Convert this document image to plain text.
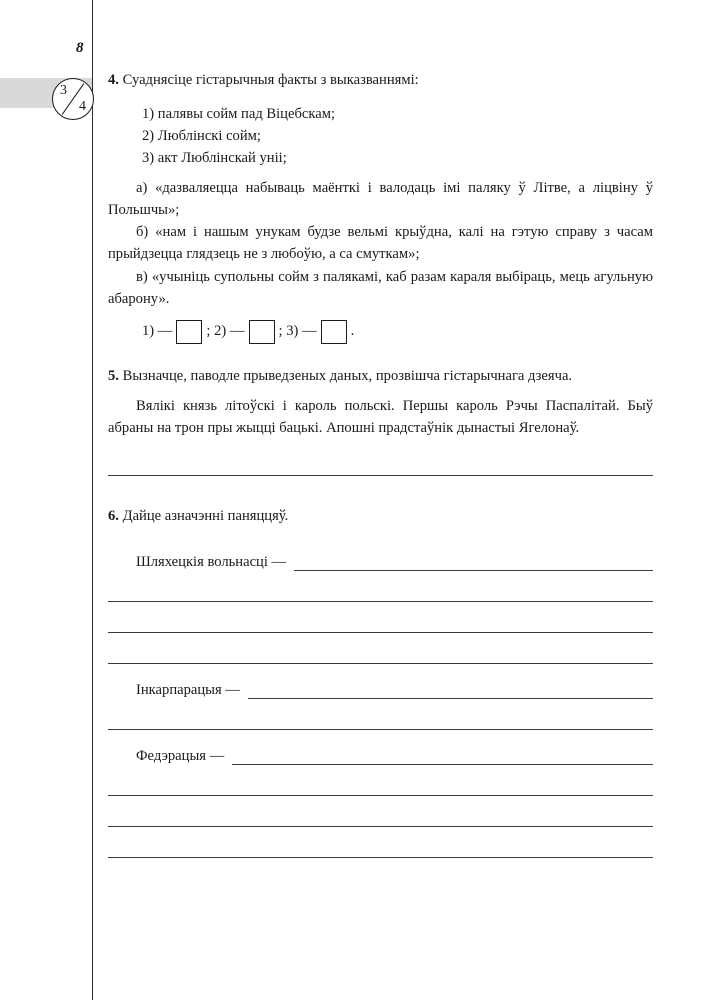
8
3
4

4. Суаднясіце гістарычныя факты з выказваннямі:

1) палявы сойм пад Віцебскам;

2) Люблінскі сойм;

3) акт Люблінскай уніі;

а) «дазваляецца набываць маёнткі і валодаць імі паляку ў Літве, а ліцвіну ў Польшчы»;

б) «нам і нашым унукам будзе вельмі крыўдна, калі на гэтую справу з часам прыйдзецца глядзець не з любоўю, а са смуткам»;

в) «учыніць супольны сойм з палякамі, каб разам караля выбіраць, мець агульную абарону».

1) — ; 2) — ; 3) — .

5. Вызначце, паводле прыведзеных даных, прозвішча гістарычнага дзеяча.

Вялікі князь літоўскі і кароль польскі. Першы кароль Рэчы Паспалітай. Быў абраны на трон пры жыцці бацькі. Апошні прадстаўнік дынастыі Ягелонаў.

6. Дайце азначэнні паняццяў.

Шляхецкія вольнасці —
Інкарпарацыя —
Федэрацыя —
